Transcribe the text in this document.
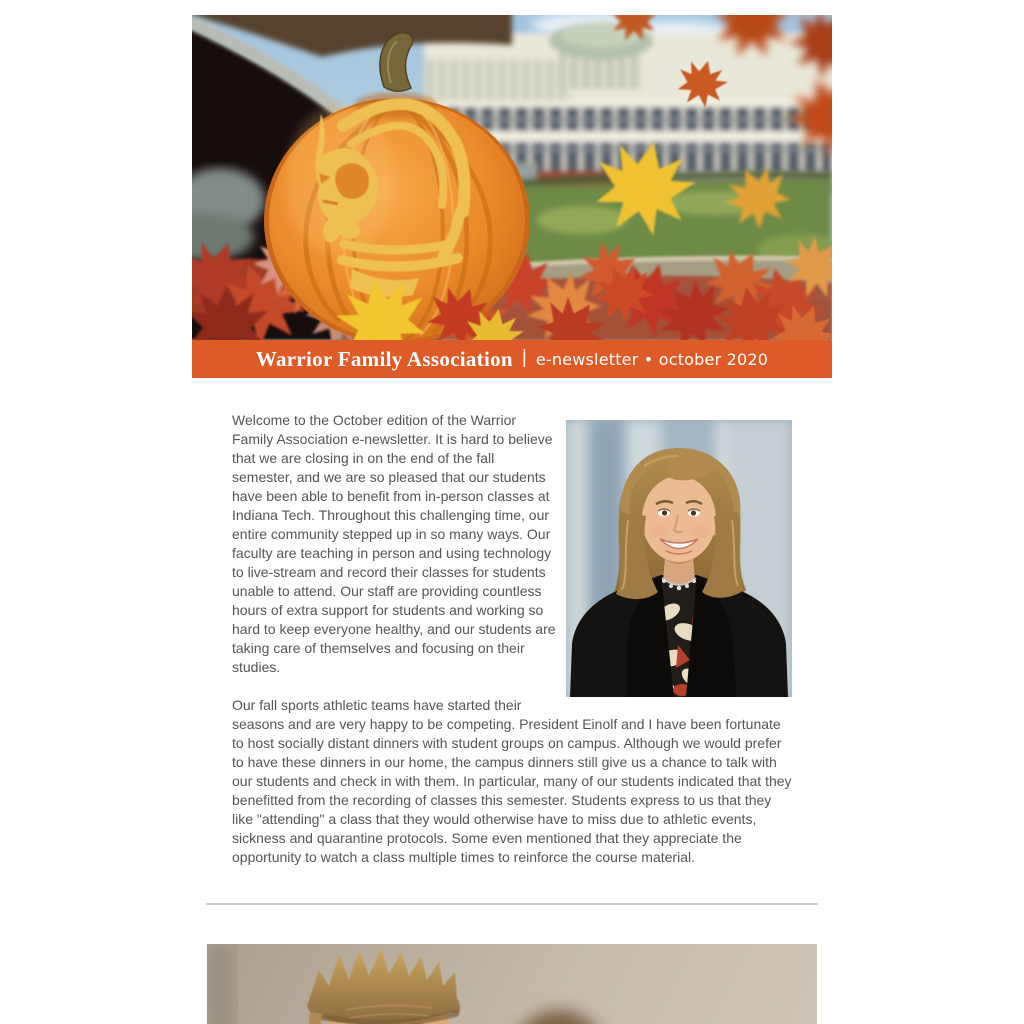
Warrior Family Association | e-newsletter • october 2020

Welcome to the October edition of the Warrior Family Association e-newsletter. It is hard to believe that we are closing in on the end of the fall semester, and we are so pleased that our students have been able to benefit from in-person classes at Indiana Tech. Throughout this challenging time, our entire community stepped up in so many ways. Our faculty are teaching in person and using technology to live-stream and record their classes for students unable to attend. Our staff are providing countless hours of extra support for students and working so hard to keep everyone healthy, and our students are taking care of themselves and focusing on their studies.

Our fall sports athletic teams have started their seasons and are very happy to be competing. President Einolf and I have been fortunate to host socially distant dinners with student groups on campus. Although we would prefer to have these dinners in our home, the campus dinners still give us a chance to talk with our students and check in with them. In particular, many of our students indicated that they benefitted from the recording of classes this semester. Students express to us that they like "attending" a class that they would otherwise have to miss due to athletic events, sickness and quarantine protocols. Some even mentioned that they appreciate the opportunity to watch a class multiple times to reinforce the course material.
